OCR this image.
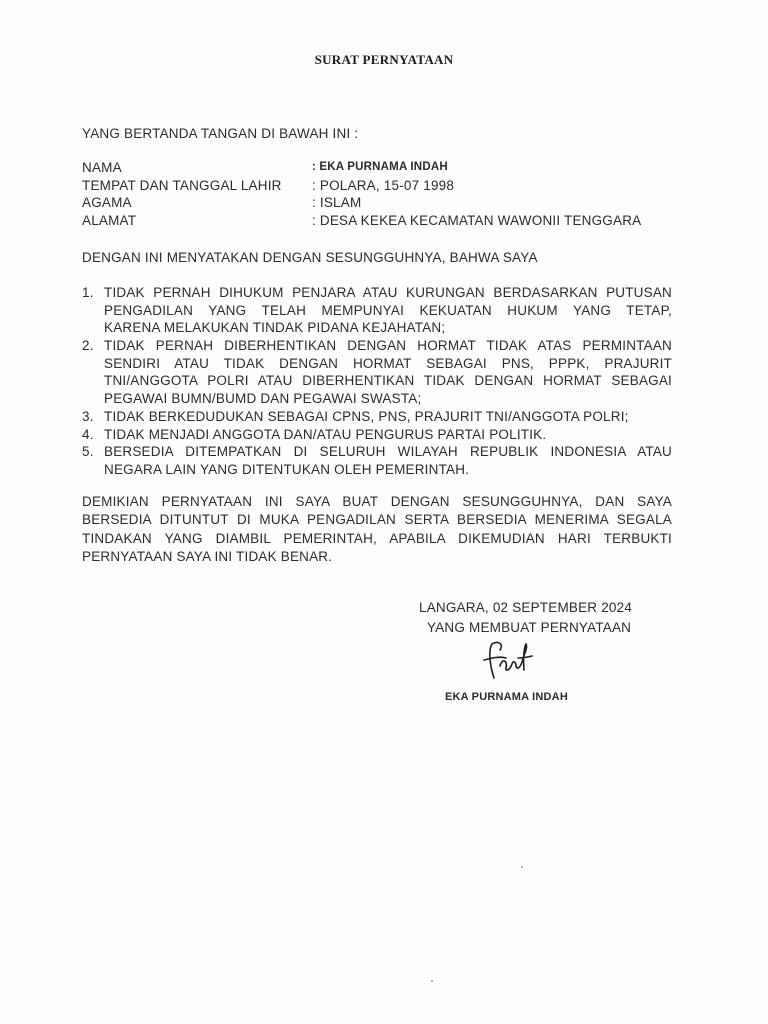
SURAT PERNYATAAN
YANG BERTANDA TANGAN DI BAWAH INI :
NAMA	: EKA PURNAMA INDAH
TEMPAT DAN TANGGAL LAHIR : POLARA, 15-07 1998
AGAMA	: ISLAM
ALAMAT	: DESA KEKEA KECAMATAN WAWONII TENGGARA
DENGAN INI MENYATAKAN DENGAN SESUNGGUHNYA, BAHWA SAYA
1. TIDAK PERNAH DIHUKUM PENJARA ATAU KURUNGAN BERDASARKAN PUTUSAN
PENGADILAN YANG TELAH MEMPUNYAI KEKUATAN HUKUM YANG TETAP,
KARENA MELAKUKAN TINDAK PIDANA KEJAHATAN;
2. TIDAK PERNAH DIBERHENTIKAN DENGAN HORMAT TIDAK ATAS PERMINTAAN
SENDIRI ATAU TIDAK DENGAN HORMAT SEBAGAI PNS, PPPK, PRAJURIT
TNI/ANGGOTA POLRI ATAU DIBERHENTIKAN TIDAK DENGAN HORMAT SEBAGAI
PEGAWAI BUMN/BUMD DAN PEGAWAI SWASTA;
3. TIDAK BERKEDUDUKAN SEBAGAI CPNS, PNS, PRAJURIT TNI/ANGGOTA POLRI;
4. TIDAK MENJADI ANGGOTA DAN/ATAU PENGURUS PARTAI POLITIK.
5. BERSEDIA DITEMPATKAN DI SELURUH WILAYAH REPUBLIK INDONESIA ATAU
NEGARA LAIN YANG DITENTUKAN OLEH PEMERINTAH.
DEMIKIAN PERNYATAAN INI SAYA BUAT DENGAN SESUNGGUHNYA, DAN SAYA
BERSEDIA DITUNTUT DI MUKA PENGADILAN SERTA BERSEDIA MENERIMA SEGALA
TINDAKAN YANG DIAMBIL PEMERINTAH, APABILA DIKEMUDIAN HARI TERBUKTI
PERNYATAAN SAYA INI TIDAK BENAR.
LANGARA, 02 SEPTEMBER 2024
YANG MEMBUAT PERNYATAAN
EKA PURNAMA INDAH
